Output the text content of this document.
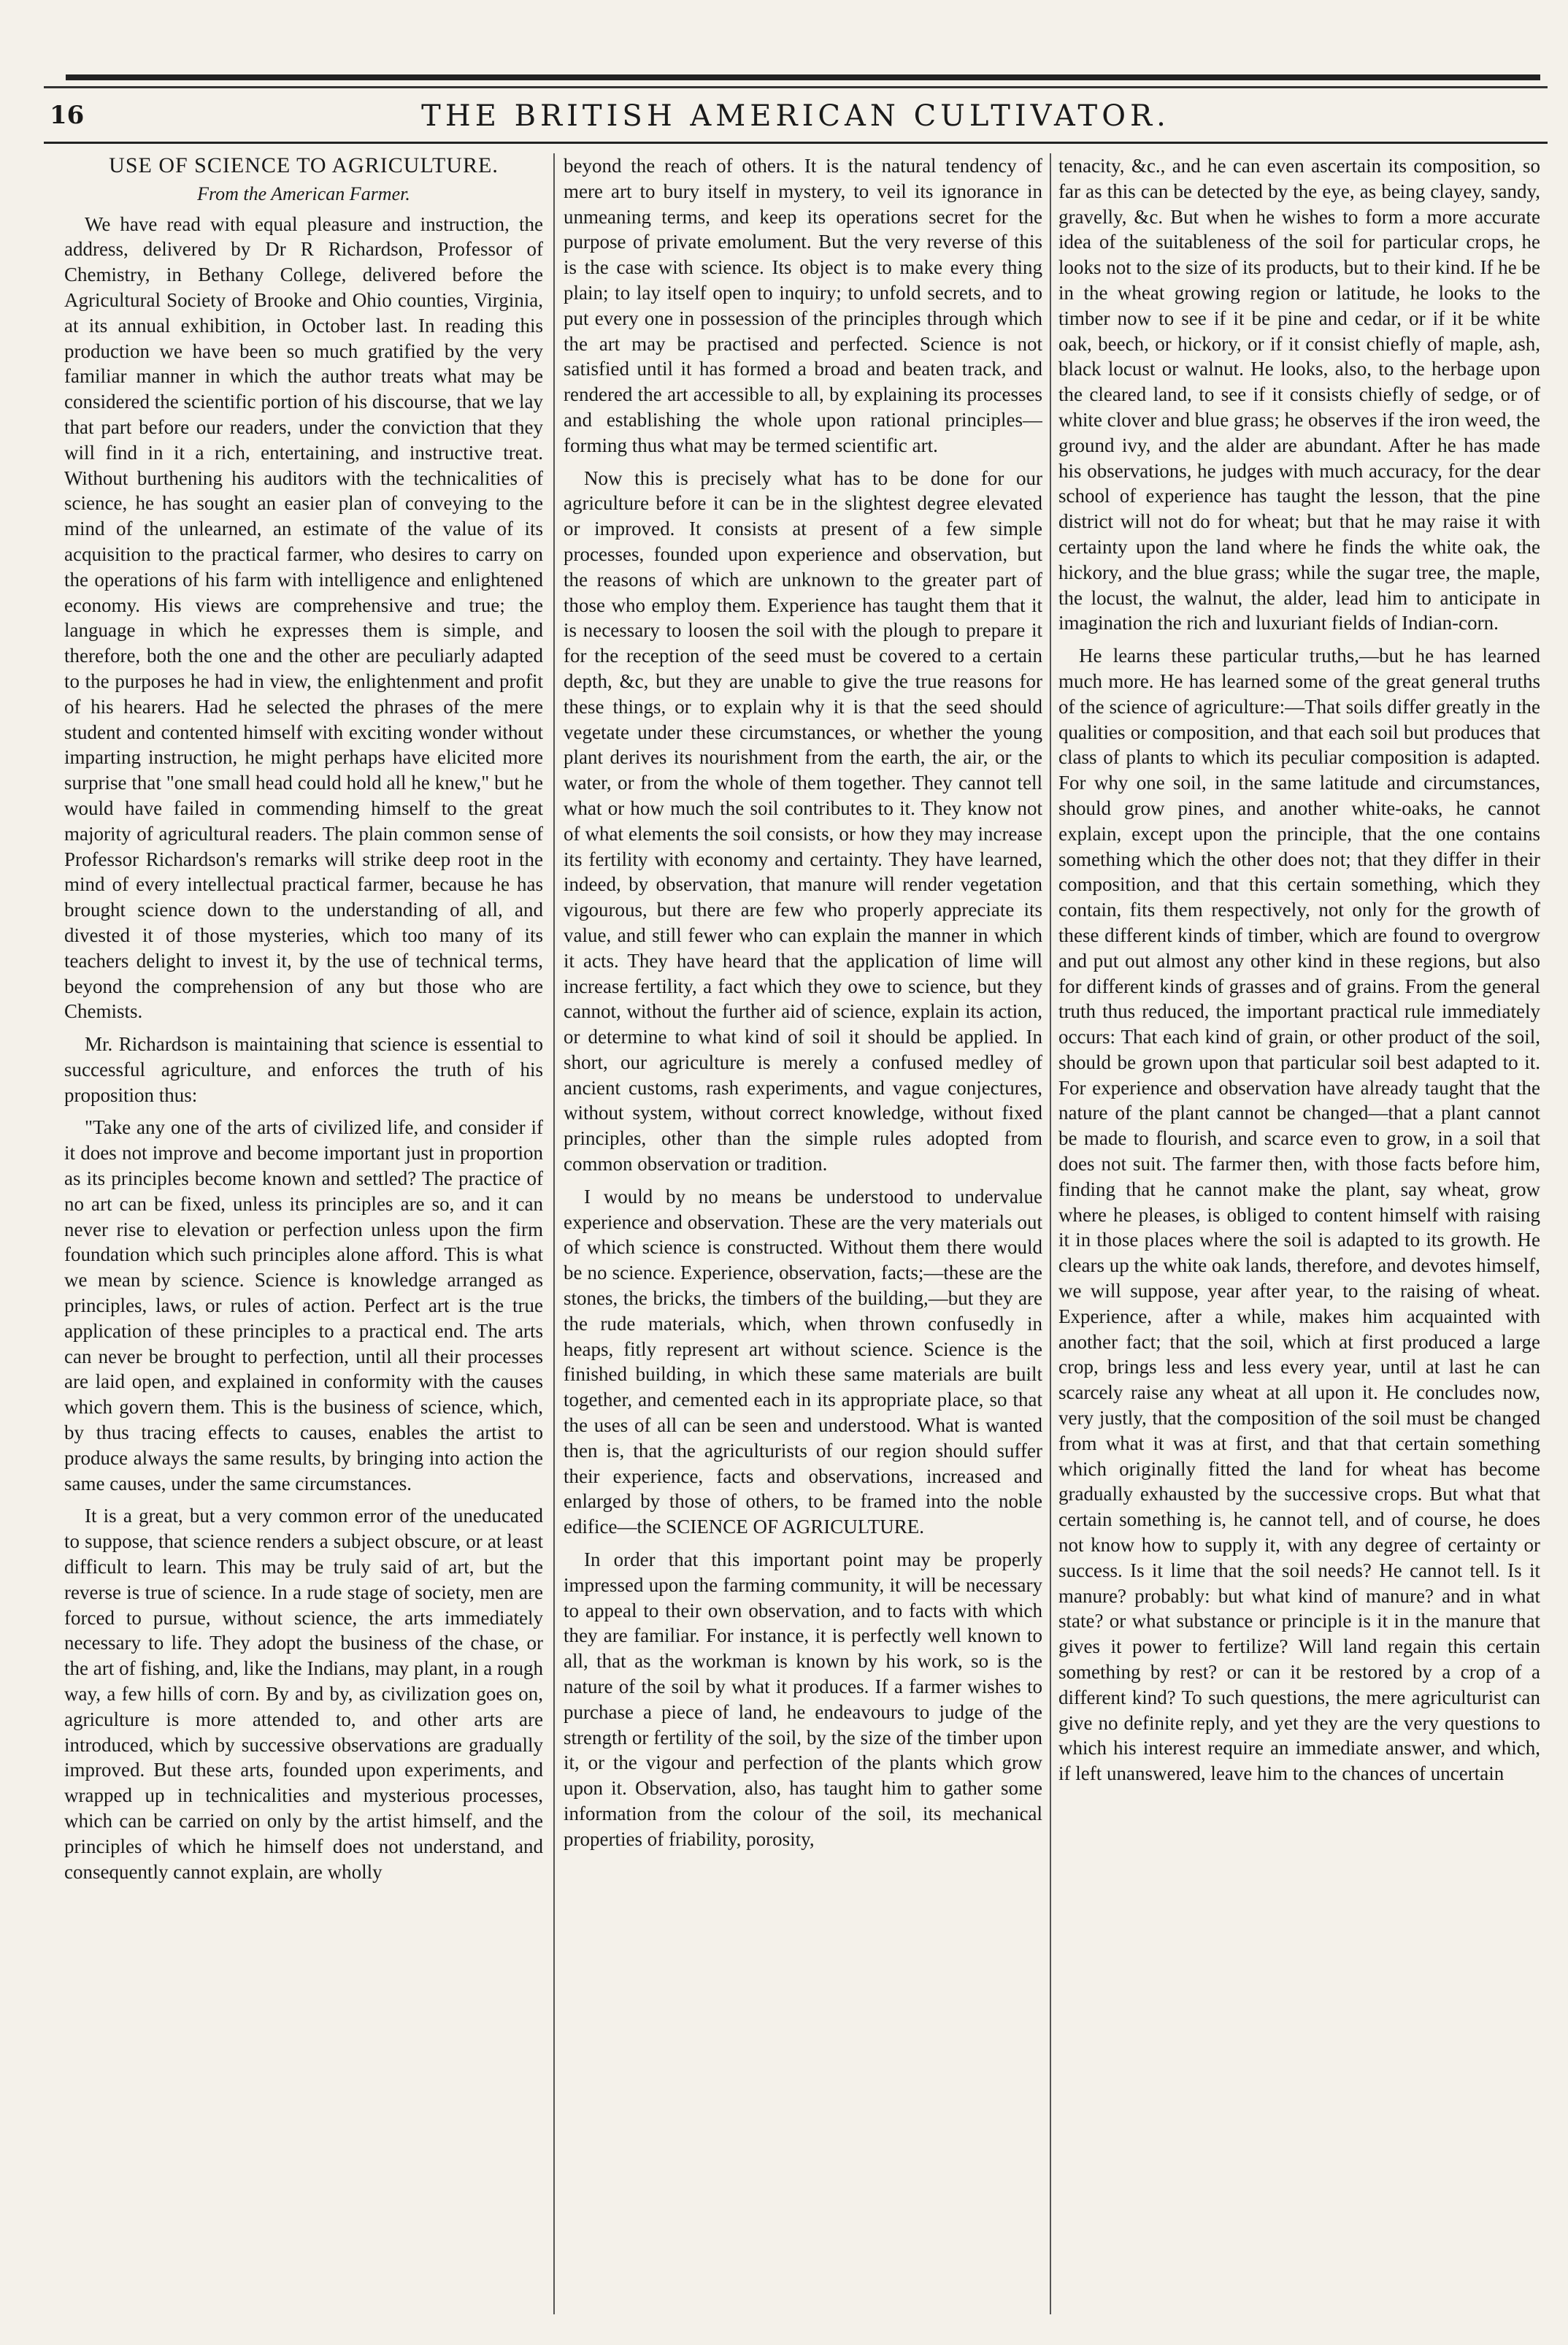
16	THE BRITISH AMERICAN CULTIVATOR.
USE OF SCIENCE TO AGRICULTURE.
From the American Farmer.

We have read with equal pleasure and instruction, the address, delivered by Dr R Richardson, Professor of Chemistry, in Bethany College, delivered before the Agricultural Society of Brooke and Ohio counties, Virginia, at its annual exhibition, in October last. In reading this production we have been so much gratified by the very familiar manner in which the author treats what may be considered the scientific portion of his discourse, that we lay that part before our readers, under the conviction that they will find in it a rich, entertaining, and instructive treat. Without burthening his auditors with the technicalities of science, he has sought an easier plan of conveying to the mind of the unlearned, an estimate of the value of its acquisition to the practical farmer, who desires to carry on the operations of his farm with intelligence and enlightened economy. His views are comprehensive and true; the language in which he expresses them is simple, and therefore, both the one and the other are peculiarly adapted to the purposes he had in view, the enlightenment and profit of his hearers. Had he selected the phrases of the mere student and contented himself with exciting wonder without imparting instruction, he might perhaps have elicited more surprise that "one small head could hold all he knew," but he would have failed in commending himself to the great majority of agricultural readers. The plain common sense of Professor Richardson's remarks will strike deep root in the mind of every intellectual practical farmer, because he has brought science down to the understanding of all, and divested it of those mysteries, which too many of its teachers delight to invest it, by the use of technical terms, beyond the comprehension of any but those who are Chemists.

Mr. Richardson is maintaining that science is essential to successful agriculture, and enforces the truth of his proposition thus:

"Take any one of the arts of civilized life, and consider if it does not improve and become important just in proportion as its principles become known and settled? The practice of no art can be fixed, unless its principles are so, and it can never rise to elevation or perfection unless upon the firm foundation which such principles alone afford. This is what we mean by science. Science is knowledge arranged as principles, laws, or rules of action. Perfect art is the true application of these principles to a practical end. The arts can never be brought to perfection, until all their processes are laid open, and explained in conformity with the causes which govern them. This is the business of science, which, by thus tracing effects to causes, enables the artist to produce always the same results, by bringing into action the same causes, under the same circumstances.

It is a great, but a very common error of the uneducated to suppose, that science renders a subject obscure, or at least difficult to learn. This may be truly said of art, but the reverse is true of science. In a rude stage of society, men are forced to pursue, without science, the arts immediately necessary to life. They adopt the business of the chase, or the art of fishing, and, like the Indians, may plant, in a rough way, a few hills of corn. By and by, as civilization goes on, agriculture is more attended to, and other arts are introduced, which by successive observations are gradually improved. But these arts, founded upon experiments, and wrapped up in technicalities and mysterious processes, which can be carried on only by the artist himself, and the principles of which he himself does not understand, and consequently cannot explain, are wholly

beyond the reach of others. It is the natural tendency of mere art to bury itself in mystery, to veil its ignorance in unmeaning terms, and keep its operations secret for the purpose of private emolument. But the very reverse of this is the case with science. Its object is to make every thing plain; to lay itself open to inquiry; to unfold secrets, and to put every one in possession of the principles through which the art may be practised and perfected. Science is not satisfied until it has formed a broad and beaten track, and rendered the art accessible to all, by explaining its processes and establishing the whole upon rational principles—forming thus what may be termed scientific art.

Now this is precisely what has to be done for our agriculture before it can be in the slightest degree elevated or improved. It consists at present of a few simple processes, founded upon experience and observation, but the reasons of which are unknown to the greater part of those who employ them. Experience has taught them that it is necessary to loosen the soil with the plough to prepare it for the reception of the seed must be covered to a certain depth, &c, but they are unable to give the true reasons for these things, or to explain why it is that the seed should vegetate under these circumstances, or whether the young plant derives its nourishment from the earth, the air, or the water, or from the whole of them together. They cannot tell what or how much the soil contributes to it. They know not of what elements the soil consists, or how they may increase its fertility with economy and certainty. They have learned, indeed, by observation, that manure will render vegetation vigourous, but there are few who properly appreciate its value, and still fewer who can explain the manner in which it acts. They have heard that the application of lime will increase fertility, a fact which they owe to science, but they cannot, without the further aid of science, explain its action, or determine to what kind of soil it should be applied. In short, our agriculture is merely a confused medley of ancient customs, rash experiments, and vague conjectures, without system, without correct knowledge, without fixed principles, other than the simple rules adopted from common observation or tradition.

I would by no means be understood to undervalue experience and observation. These are the very materials out of which science is constructed. Without them there would be no science. Experience, observation, facts;—these are the stones, the bricks, the timbers of the building,—but they are the rude materials, which, when thrown confusedly in heaps, fitly represent art without science. Science is the finished building, in which these same materials are built together, and cemented each in its appropriate place, so that the uses of all can be seen and understood. What is wanted then is, that the agriculturists of our region should suffer their experience, facts and observations, increased and enlarged by those of others, to be framed into the noble edifice—the SCIENCE OF AGRICULTURE.

In order that this important point may be properly impressed upon the farming community, it will be necessary to appeal to their own observation, and to facts with which they are familiar. For instance, it is perfectly well known to all, that as the workman is known by his work, so is the nature of the soil by what it produces. If a farmer wishes to purchase a piece of land, he endeavours to judge of the strength or fertility of the soil, by the size of the timber upon it, or the vigour and perfection of the plants which grow upon it. Observation, also, has taught him to gather some information from the colour of the soil, its mechanical properties of friability, porosity,

tenacity, &c., and he can even ascertain its composition, so far as this can be detected by the eye, as being clayey, sandy, gravelly, &c. But when he wishes to form a more accurate idea of the suitableness of the soil for particular crops, he looks not to the size of its products, but to their kind. If he be in the wheat growing region or latitude, he looks to the timber now to see if it be pine and cedar, or if it be white oak, beech, or hickory, or if it consist chiefly of maple, ash, black locust or walnut. He looks, also, to the herbage upon the cleared land, to see if it consists chiefly of sedge, or of white clover and blue grass; he observes if the iron weed, the ground ivy, and the alder are abundant. After he has made his observations, he judges with much accuracy, for the dear school of experience has taught the lesson, that the pine district will not do for wheat; but that he may raise it with certainty upon the land where he finds the white oak, the hickory, and the blue grass; while the sugar tree, the maple, the locust, the walnut, the alder, lead him to anticipate in imagination the rich and luxuriant fields of Indian-corn.

He learns these particular truths,—but he has learned much more. He has learned some of the great general truths of the science of agriculture:—That soils differ greatly in the qualities or composition, and that each soil but produces that class of plants to which its peculiar composition is adapted. For why one soil, in the same latitude and circumstances, should grow pines, and another white-oaks, he cannot explain, except upon the principle, that the one contains something which the other does not; that they differ in their composition, and that this certain something, which they contain, fits them respectively, not only for the growth of these different kinds of timber, which are found to overgrow and put out almost any other kind in these regions, but also for different kinds of grasses and of grains. From the general truth thus reduced, the important practical rule immediately occurs: That each kind of grain, or other product of the soil, should be grown upon that particular soil best adapted to it. For experience and observation have already taught that the nature of the plant cannot be changed—that a plant cannot be made to flourish, and scarce even to grow, in a soil that does not suit. The farmer then, with those facts before him, finding that he cannot make the plant, say wheat, grow where he pleases, is obliged to content himself with raising it in those places where the soil is adapted to its growth. He clears up the white oak lands, therefore, and devotes himself, we will suppose, year after year, to the raising of wheat. Experience, after a while, makes him acquainted with another fact; that the soil, which at first produced a large crop, brings less and less every year, until at last he can scarcely raise any wheat at all upon it. He concludes now, very justly, that the composition of the soil must be changed from what it was at first, and that that certain something which originally fitted the land for wheat has become gradually exhausted by the successive crops. But what that certain something is, he cannot tell, and of course, he does not know how to supply it, with any degree of certainty or success. Is it lime that the soil needs? He cannot tell. Is it manure? probably: but what kind of manure? and in what state? or what substance or principle is it in the manure that gives it power to fertilize? Will land regain this certain something by rest? or can it be restored by a crop of a different kind? To such questions, the mere agriculturist can give no definite reply, and yet they are the very questions to which his interest require an immediate answer, and which, if left unanswered, leave him to the chances of uncertain
